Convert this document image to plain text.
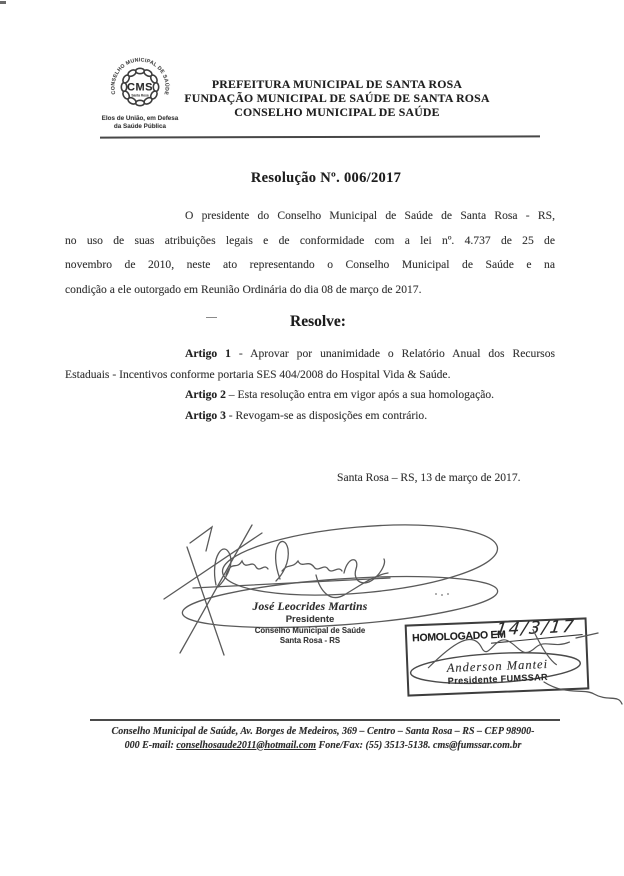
CONSELHO MUNICIPAL DE SAÚDE
CMS
Santa Rosa
Elos de União, em Defesa
da Saúde Pública
PREFEITURA MUNICIPAL DE SANTA ROSA
FUNDAÇÃO MUNICIPAL DE SAÚDE DE SANTA ROSA
CONSELHO MUNICIPAL DE SAÚDE
Resolução Nº. 006/2017
O presidente do Conselho Municipal de Saúde de Santa Rosa - RS,
no uso de suas atribuições legais e de conformidade com a lei nº. 4.737 de 25 de
novembro de 2010, neste ato representando o Conselho Municipal de Saúde e na
condição a ele outorgado em Reunião Ordinária do dia 08 de março de 2017.
Resolve:
Artigo 1 - Aprovar por unanimidade o Relatório Anual dos Recursos
Estaduais - Incentivos conforme portaria SES 404/2008 do Hospital Vida & Saúde.
Artigo 2 – Esta resolução entra em vigor após a sua homologação.
Artigo 3 - Revogam-se as disposições em contrário.
Santa Rosa – RS, 13 de março de 2017.
José Leocrides Martins
Presidente
Conselho Municipal de Saúde
Santa Rosa - RS	HOMOLOGADO EM
14/3/17
Anderson Mantei
Presidente FUMSSAR
Conselho Municipal de Saúde, Av. Borges de Medeiros, 369 – Centro – Santa Rosa – RS – CEP 98900-
000 E-mail: conselhosaude2011@hotmail.com Fone/Fax: (55) 3513-5138. cms@fumssar.com.br
